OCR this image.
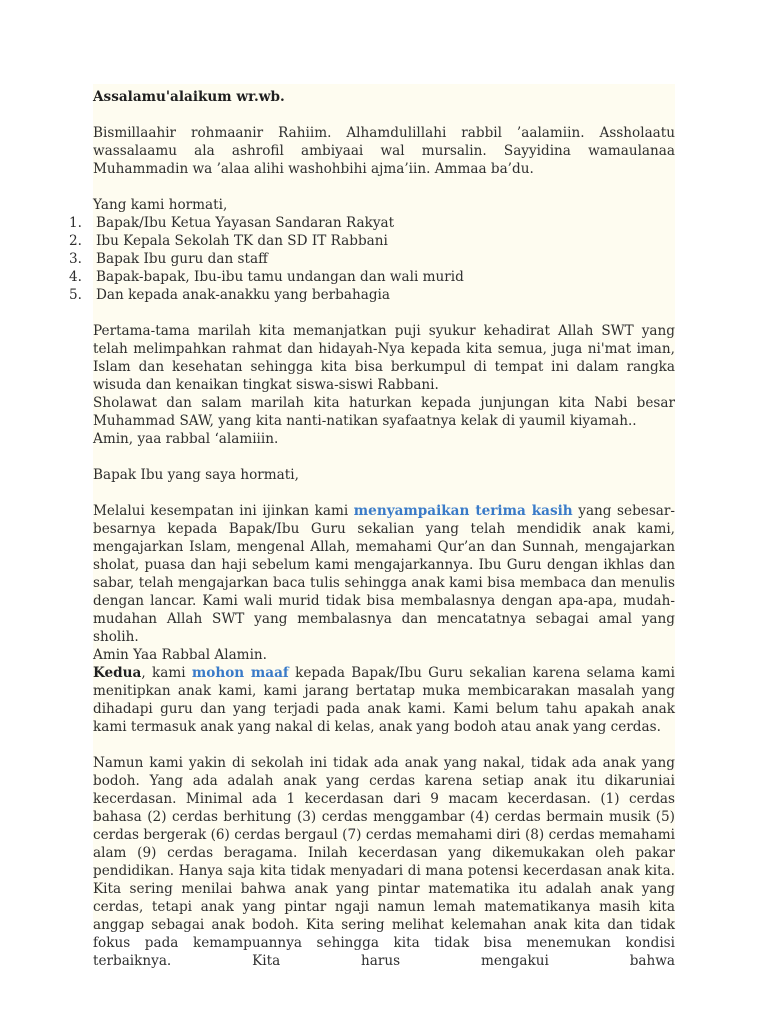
Assalamu'alaikum wr.wb.

Bismillaahir rohmaanir Rahiim. Alhamdulillahi rabbil ’aalamiin. Assholaatu wassalaamu ala ashrofil ambiyaai wal mursalin. Sayyidina wamaulanaa Muhammadin wa ’alaa alihi washohbihi ajma’iin. Ammaa ba’du.

Yang kami hormati,

1.	Bapak/Ibu Ketua Yayasan Sandaran Rakyat
2.	Ibu Kepala Sekolah TK dan SD IT Rabbani
3.	Bapak Ibu guru dan staff
4.	Bapak-bapak, Ibu-ibu tamu undangan dan wali murid
5.	Dan kepada anak-anakku yang berbahagia

Pertama-tama marilah kita memanjatkan puji syukur kehadirat Allah SWT yang telah melimpahkan rahmat dan hidayah-Nya kepada kita semua, juga ni'mat iman, Islam dan kesehatan sehingga kita bisa berkumpul di tempat ini dalam rangka wisuda dan kenaikan tingkat siswa-siswi Rabbani.

Sholawat dan salam marilah kita haturkan kepada junjungan kita Nabi besar Muhammad SAW, yang kita nanti-natikan syafaatnya kelak di yaumil kiyamah..

Amin, yaa rabbal ‘alamiiin.

Bapak Ibu yang saya hormati,

Melalui kesempatan ini ijinkan kami menyampaikan terima kasih yang sebesar-besarnya kepada Bapak/Ibu Guru sekalian yang telah mendidik anak kami, mengajarkan Islam, mengenal Allah, memahami Qur’an dan Sunnah, mengajarkan sholat, puasa dan haji sebelum kami mengajarkannya. Ibu Guru dengan ikhlas dan sabar, telah mengajarkan baca tulis sehingga anak kami bisa membaca dan menulis dengan lancar. Kami wali murid tidak bisa membalasnya dengan apa-apa, mudah-mudahan Allah SWT yang membalasnya dan mencatatnya sebagai amal yang sholih.

Amin Yaa Rabbal Alamin.

Kedua, kami mohon maaf kepada Bapak/Ibu Guru sekalian karena selama kami menitipkan anak kami, kami jarang bertatap muka membicarakan masalah yang dihadapi guru dan yang terjadi pada anak kami. Kami belum tahu apakah anak kami termasuk anak yang nakal di kelas, anak yang bodoh atau anak yang cerdas.

Namun kami yakin di sekolah ini tidak ada anak yang nakal, tidak ada anak yang bodoh. Yang ada adalah anak yang cerdas karena setiap anak itu dikaruniai kecerdasan. Minimal ada 1 kecerdasan dari 9 macam kecerdasan. (1) cerdas bahasa (2) cerdas berhitung (3) cerdas menggambar (4) cerdas bermain musik (5) cerdas bergerak (6) cerdas bergaul (7) cerdas memahami diri (8) cerdas memahami alam (9) cerdas beragama. Inilah kecerdasan yang dikemukakan oleh pakar pendidikan. Hanya saja kita tidak menyadari di mana potensi kecerdasan anak kita. Kita sering menilai bahwa anak yang pintar matematika itu adalah anak yang cerdas, tetapi anak yang pintar ngaji namun lemah matematikanya masih kita anggap sebagai anak bodoh. Kita sering melihat kelemahan anak kita dan tidak fokus pada kemampuannya sehingga kita tidak bisa menemukan kondisi terbaiknya. Kita harus mengakui bahwa
